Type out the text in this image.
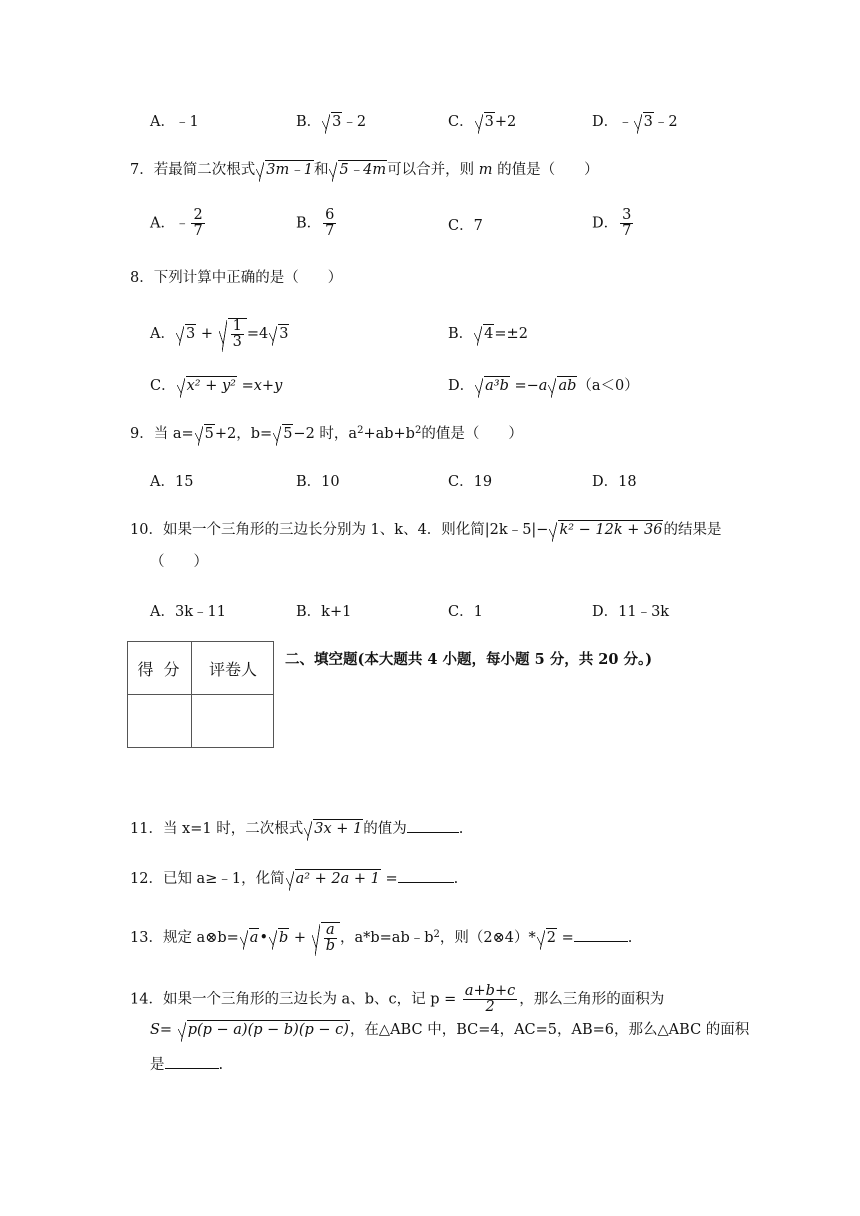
A．﹣1	B． 3﹣2	C． 3+2	D．﹣ 3﹣2
7．若最简二次根式 3m﹣1和 5﹣4m可以合并，则 m 的值是（　　）
A．﹣ $\frac{2}{7}$	B． $\frac{6}{7}$	C．7	D． $\frac{3}{7}$
8．下列计算中正确的是（　　）
A． $3 + \frac{1}{3} =4$ 3	B． 4=±2
C． x² + y² =x+y	D． a³b =−a ab（a＜0）
9．当 a= 5+2，b= 5−2 时，$a^2+ab+b^2$的值是（　　）
A．15	B．10	C．19	D．18
10．如果一个三角形的三边长分别为 1、k、4．则化简|2k﹣5|− k² − 12k + 36的结果是
（　　）
A．3k﹣11	B．k+1	C．1	D．11﹣3k
得分	评卷人	二、填空题(本大题共 4 小题，每小题 5 分，共 20 分。)
11．当 x=1 时，二次根式 3x + 1的值为	.
12．已知 a≥﹣1，化简 a² + 2a + 1 =	.
13．规定 a⊗b= a• $b + \frac{a}{b}$ ，$a*b=ab﹣b^2$，则（2⊗4）* 2 =	.
14．如果一个三角形的三边长为 a、b、c，记 $p = \frac{a+b+c}{2}$ ，那么三角形的面积为
S= p(p − a)(p − b)(p − c)，在△ABC 中，BC=4，AC=5，AB=6，那么△ABC 的面积
是	.
